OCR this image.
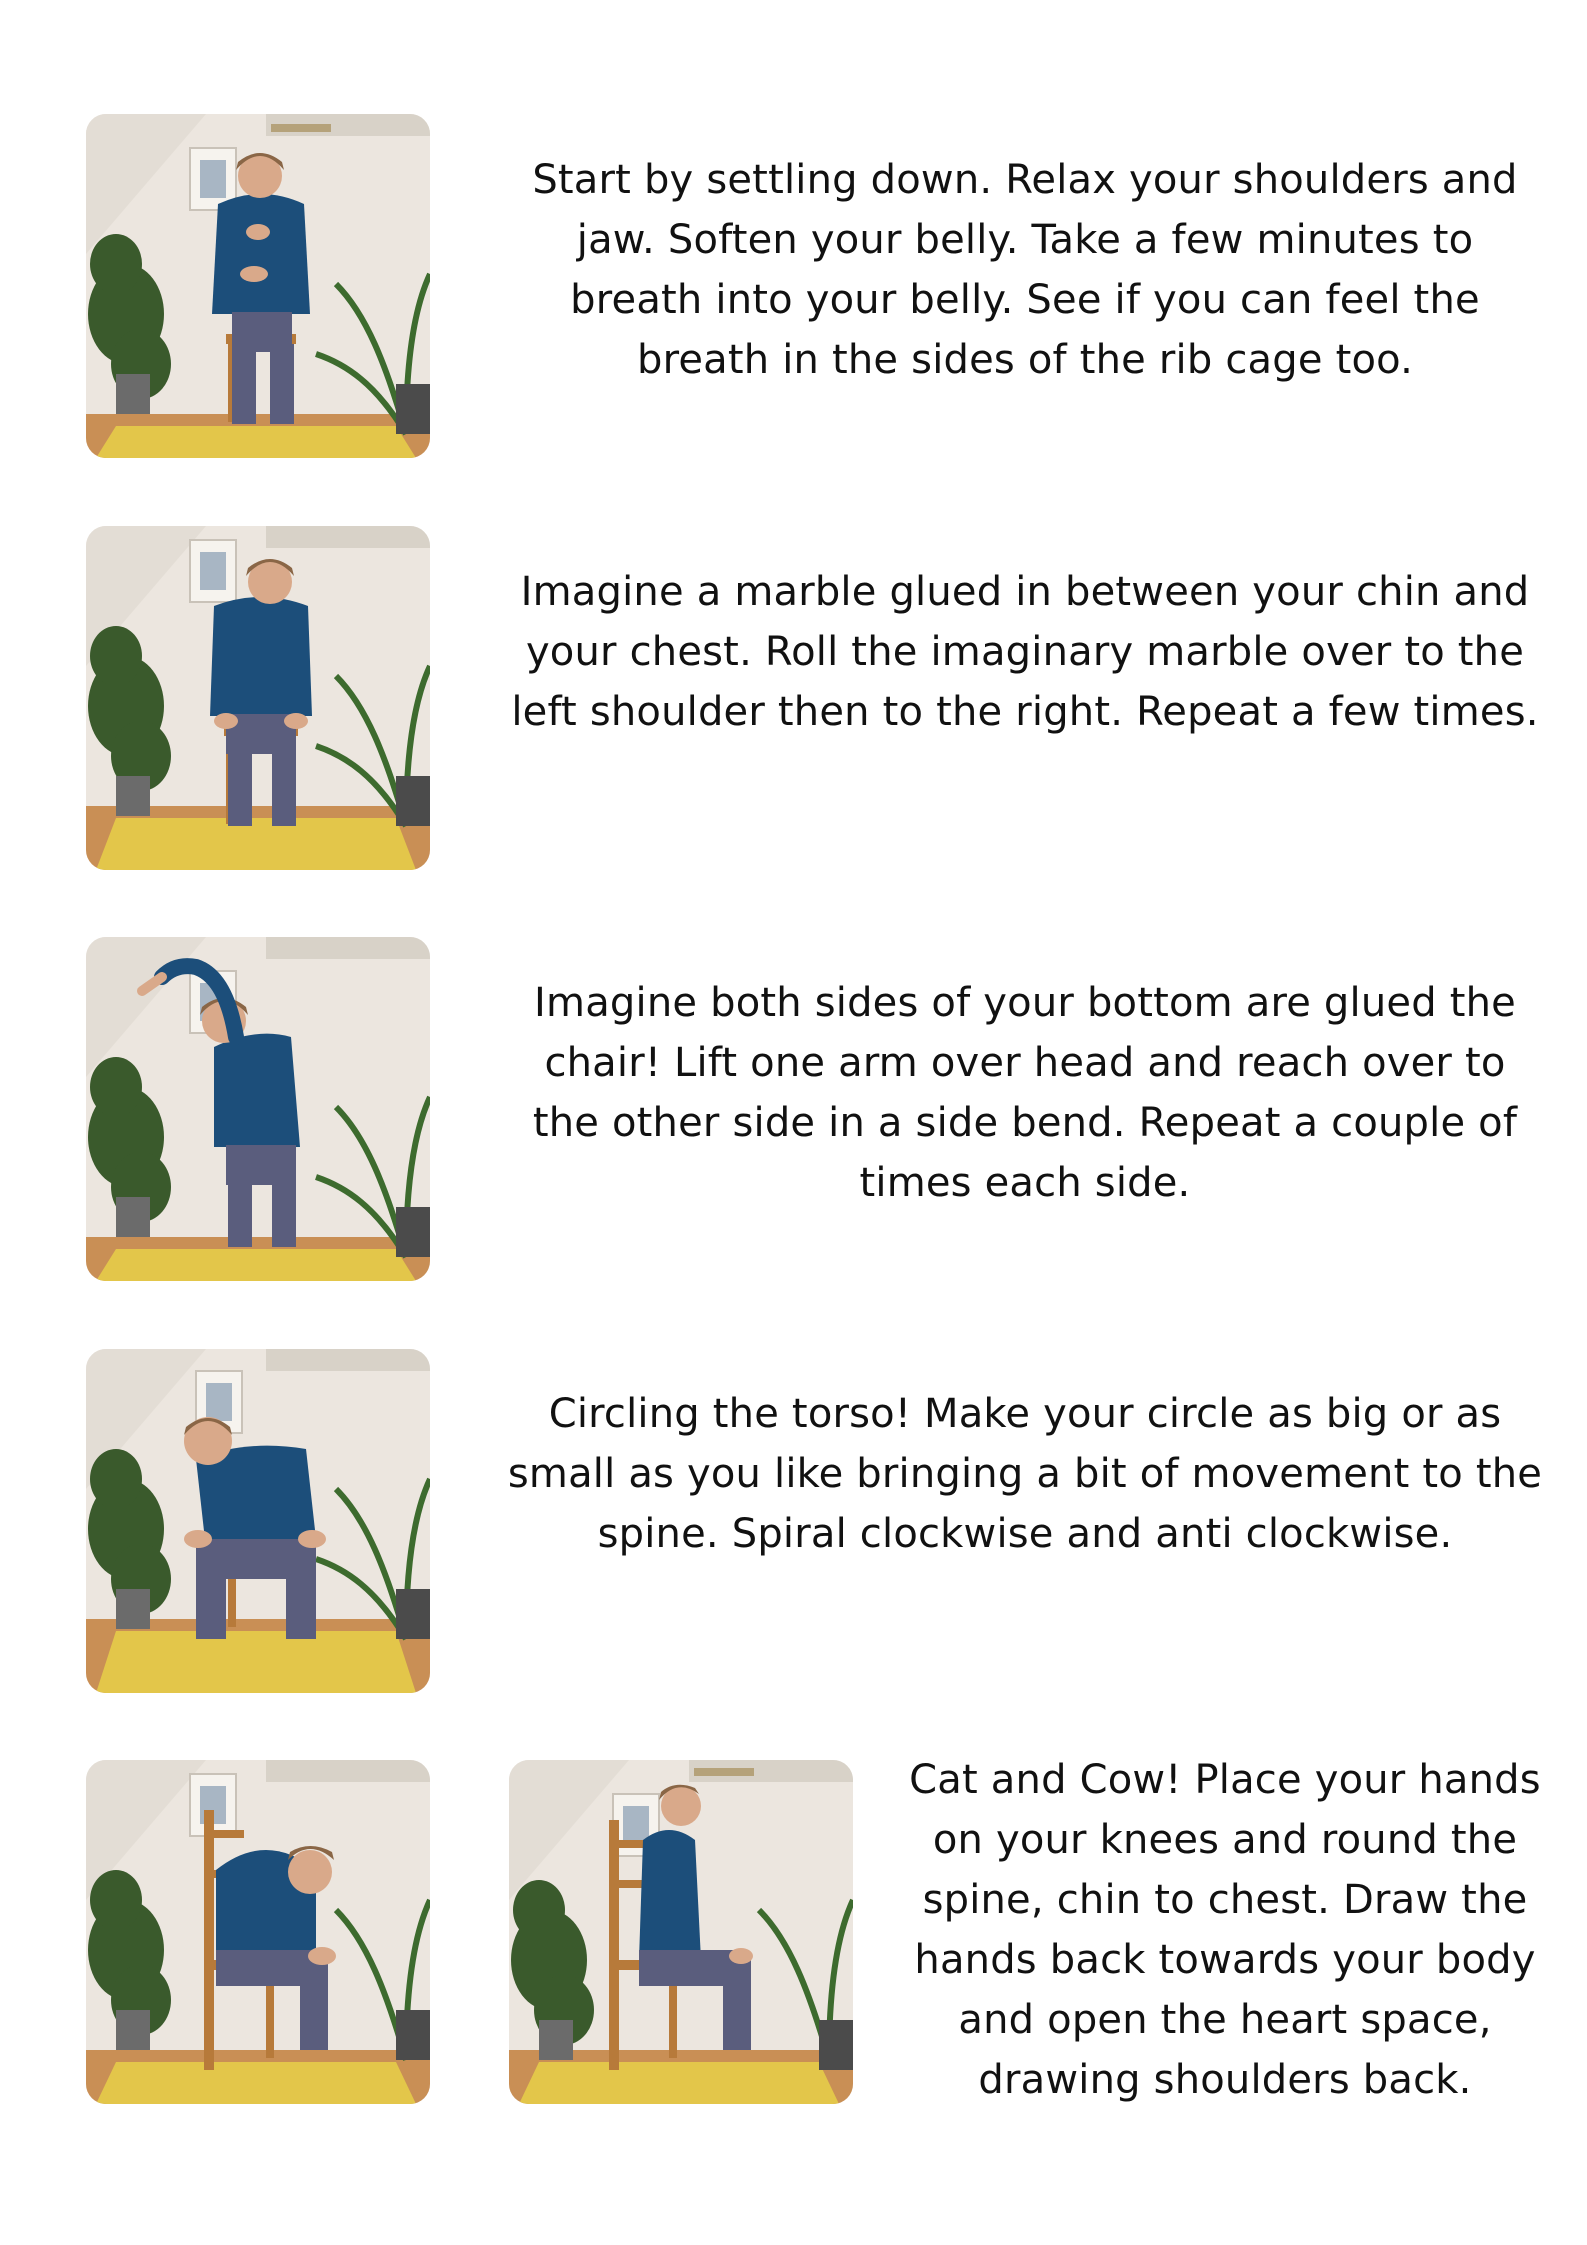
Start by settling down. Relax your shoulders and jaw. Soften your belly. Take a few minutes to breath into your belly. See if you can feel the breath in the sides of the rib cage too.
Imagine a marble glued in between your chin and your chest. Roll the imaginary marble over to the left shoulder then to the right. Repeat a few times.
Imagine both sides of your bottom are glued the chair! Lift one arm over head and reach over to the other side in a side bend. Repeat a couple of times each side.
Circling the torso! Make your circle as big or as small as you like bringing a bit of movement to the spine. Spiral clockwise and anti clockwise.
Cat and Cow! Place your hands on your knees and round the spine, chin to chest. Draw the hands back towards your body and open the heart space, drawing shoulders back.
